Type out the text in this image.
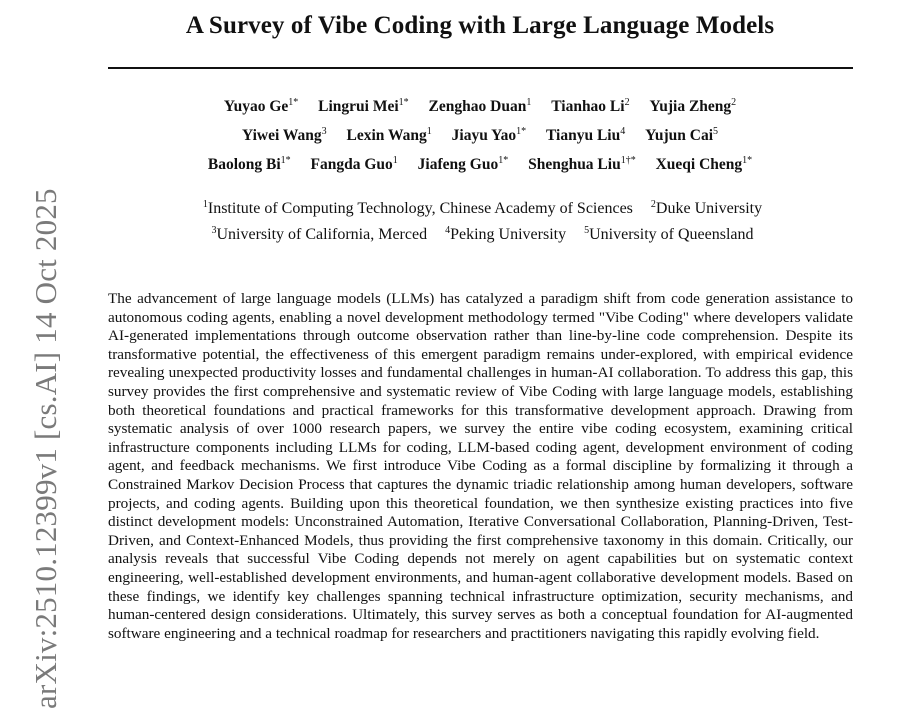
arXiv:2510.12399v1 [cs.AI] 14 Oct 2025
A Survey of Vibe Coding with Large Language Models
Yuyao $Ge^{1*}$ Lingrui Mei$^{1*}$ Zenghao Duan$^1$ Tianhao Li$^2$ Yujia Zheng$^2$
Yiwei Wang$^3$ Lexin Wang$^1$ Jiayu Yao$^{1*}$ Tianyu Liu$^4$ Yujun Cai$^5$
Baolong $Bi^{1*}$ Fangda Guo$^1$ Jiafeng Guo$^{1*}$ Shenghua Liu$^{1\dagger*}$ Xueqi Cheng$^{1*}$
$^1$Institute of Computing Technology, Chinese Academy of Sciences $^2$Duke University
$^3$University of California, Merced $^4$Peking University $^5$University of Queensland

The advancement of large language models (LLMs) has catalyzed a paradigm shift from code generation assistance to autonomous coding agents, enabling a novel development methodology termed "Vibe Coding" where developers validate AI-generated implementations through outcome observation rather than line-by-line code comprehension. Despite its transformative potential, the effectiveness of this emergent paradigm remains under-explored, with empirical evidence revealing unexpected productivity losses and fundamental challenges in human-AI collaboration. To address this gap, this survey provides the first comprehensive and systematic review of Vibe Coding with large language models, establishing both theoretical foundations and practical frameworks for this transformative development approach. Drawing from systematic analysis of over 1000 research papers, we survey the entire vibe coding ecosystem, examining critical infrastructure components including LLMs for coding, LLM-based coding agent, development environment of coding agent, and feedback mechanisms. We first introduce Vibe Coding as a formal discipline by formalizing it through a Constrained Markov Decision Process that captures the dynamic triadic relationship among human developers, software projects, and coding agents. Building upon this theoretical foundation, we then synthesize existing practices into five distinct development models: Unconstrained Automation, Iterative Conversational Collaboration, Planning-Driven, Test-Driven, and Context-Enhanced Models, thus providing the first comprehensive taxonomy in this domain. Critically, our analysis reveals that successful Vibe Coding depends not merely on agent capabilities but on systematic context engineering, well-established development environments, and human-agent collaborative development models. Based on these findings, we identify key challenges spanning technical infrastructure optimization, security mechanisms, and human-centered design considerations. Ultimately, this survey serves as both a conceptual foundation for AI-augmented software engineering and a technical roadmap for researchers and practitioners navigating this rapidly evolving field.
